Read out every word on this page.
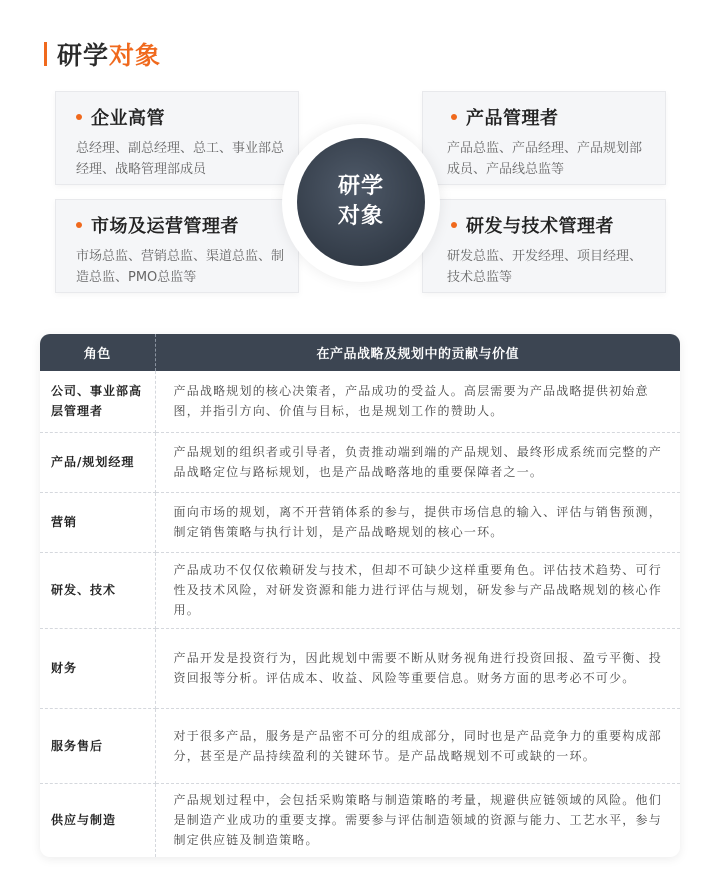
研学对象
企业高管
总经理、副总经理、总工、事业部总经理、战略管理部成员
产品管理者
产品总监、产品经理、产品规划部成员、产品线总监等
市场及运营管理者
市场总监、营销总监、渠道总监、制造总监、PMO总监等
研发与技术管理者
研发总监、开发经理、项目经理、技术总监等
研学
对象
角色	在产品战略及规划中的贡献与价值

公司、事业部高层管理者	产品战略规划的核心决策者，产品成功的受益人。高层需要为产品战略提供初始意图，并指引方向、价值与目标，也是规划工作的赞助人。
产品/规划经理	产品规划的组织者或引导者，负责推动端到端的产品规划、最终形成系统而完整的产品战略定位与路标规划，也是产品战略落地的重要保障者之一。
营销	面向市场的规划，离不开营销体系的参与，提供市场信息的输入、评估与销售预测，制定销售策略与执行计划，是产品战略规划的核心一环。
研发、技术	产品成功不仅仅依赖研发与技术，但却不可缺少这样重要角色。评估技术趋势、可行性及技术风险，对研发资源和能力进行评估与规划，研发参与产品战略规划的核心作用。
财务	产品开发是投资行为，因此规划中需要不断从财务视角进行投资回报、盈亏平衡、投资回报等分析。评估成本、收益、风险等重要信息。财务方面的思考必不可少。
服务售后	对于很多产品，服务是产品密不可分的组成部分，同时也是产品竞争力的重要构成部分，甚至是产品持续盈利的关键环节。是产品战略规划不可或缺的一环。
供应与制造	产品规划过程中，会包括采购策略与制造策略的考量，规避供应链领域的风险。他们是制造产业成功的重要支撑。需要参与评估制造领域的资源与能力、工艺水平，参与制定供应链及制造策略。
